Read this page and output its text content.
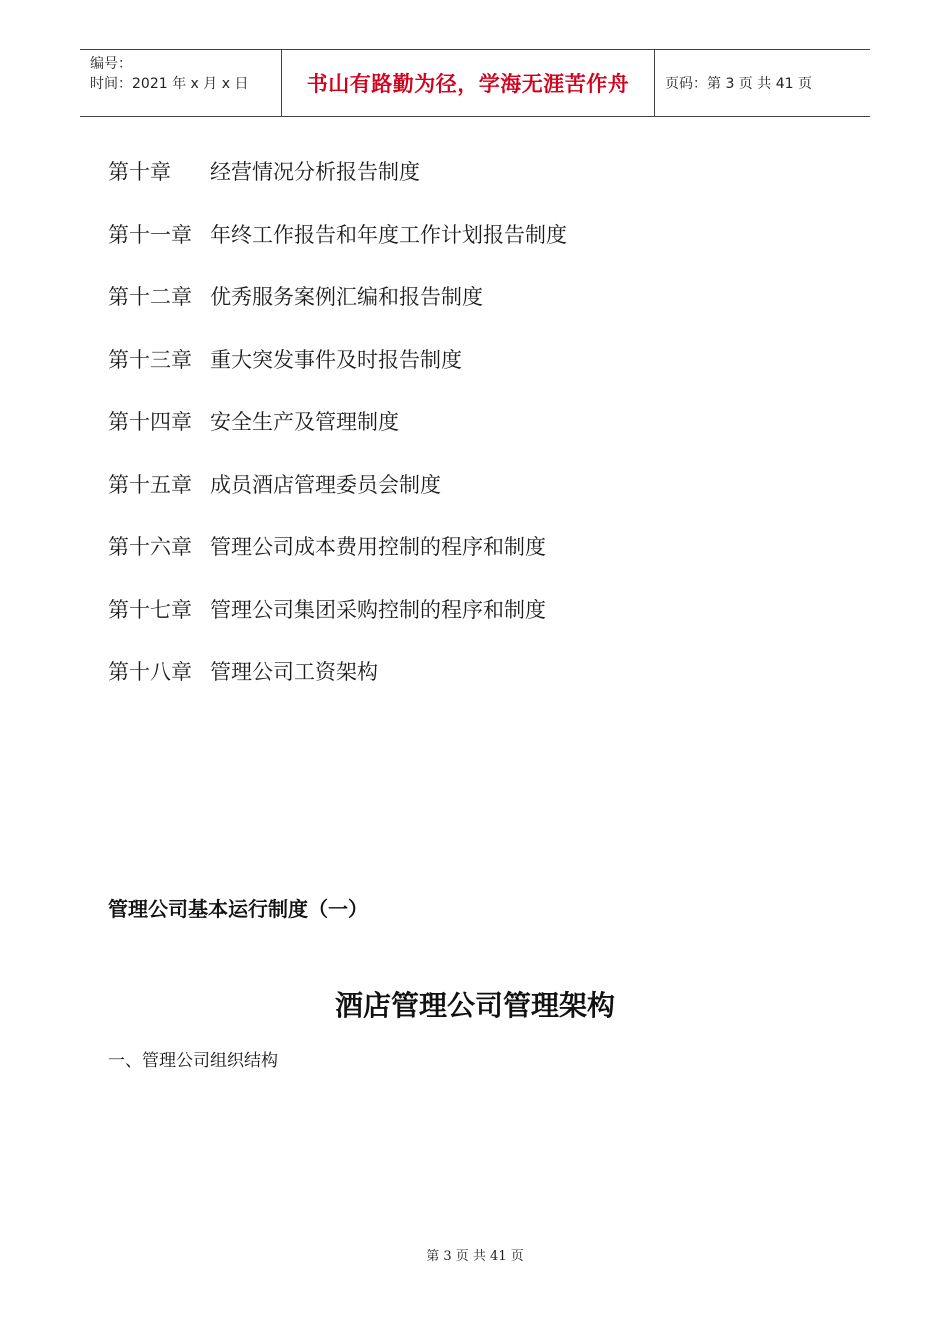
编号：
时间：2021 年 x 月 x 日	书山有路勤为径，学海无涯苦作舟	页码：第 3 页 共 41 页
第十章	经营情况分析报告制度
第十一章 年终工作报告和年度工作计划报告制度
第十二章 优秀服务案例汇编和报告制度
第十三章 重大突发事件及时报告制度
第十四章 安全生产及管理制度
第十五章 成员酒店管理委员会制度
第十六章 管理公司成本费用控制的程序和制度
第十七章 管理公司集团采购控制的程序和制度
第十八章 管理公司工资架构
管理公司基本运行制度（一）
酒店管理公司管理架构
一、管理公司组织结构
第 3 页 共 41 页
